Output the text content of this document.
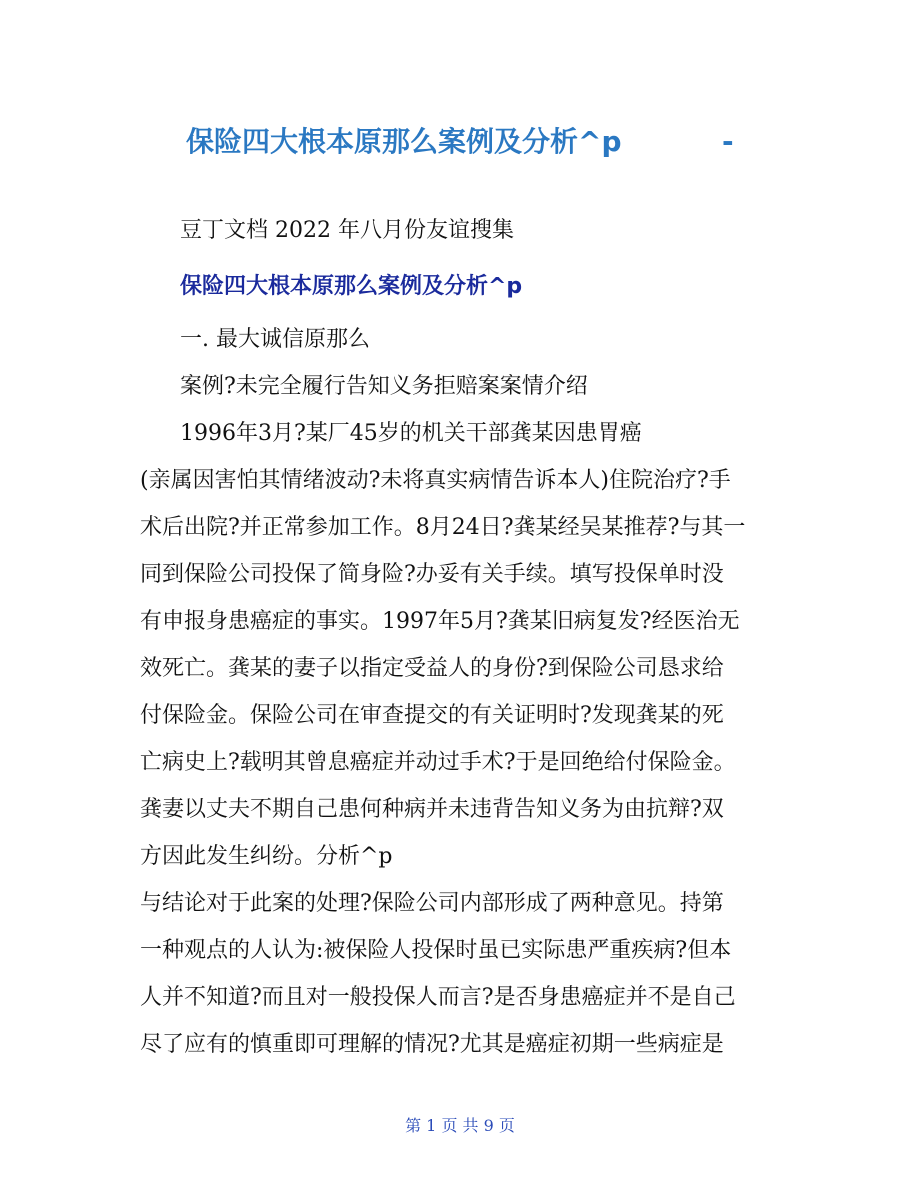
保险四大根本原那么案例及分析^p	-
豆丁文档 2022 年八月份友谊搜集
保险四大根本原那么案例及分析^p
一. 最大诚信原那么
案例?未完全履行告知义务拒赔案案情介绍
1996年3月?某厂45岁的机关干部龚某因患胃癌
(亲属因害怕其情绪波动?未将真实病情告诉本人)住院治疗?手
术后出院?并正常参加工作。8月24日?龚某经吴某推荐?与其一
同到保险公司投保了简身险?办妥有关手续。填写投保单时没
有申报身患癌症的事实。1997年5月?龚某旧病复发?经医治无
效死亡。龚某的妻子以指定受益人的身份?到保险公司恳求给
付保险金。保险公司在审查提交的有关证明时?发现龚某的死
亡病史上?载明其曾息癌症并动过手术?于是回绝给付保险金。
龚妻以丈夫不期自己患何种病并未违背告知义务为由抗辩?双
方因此发生纠纷。分析^p
与结论对于此案的处理?保险公司内部形成了两种意见。持第
一种观点的人认为:被保险人投保时虽已实际患严重疾病?但本
人并不知道?而且对一般投保人而言?是否身患癌症并不是自己
尽了应有的慎重即可理解的情况?尤其是癌症初期一些病症是
第 1 页 共 9 页
